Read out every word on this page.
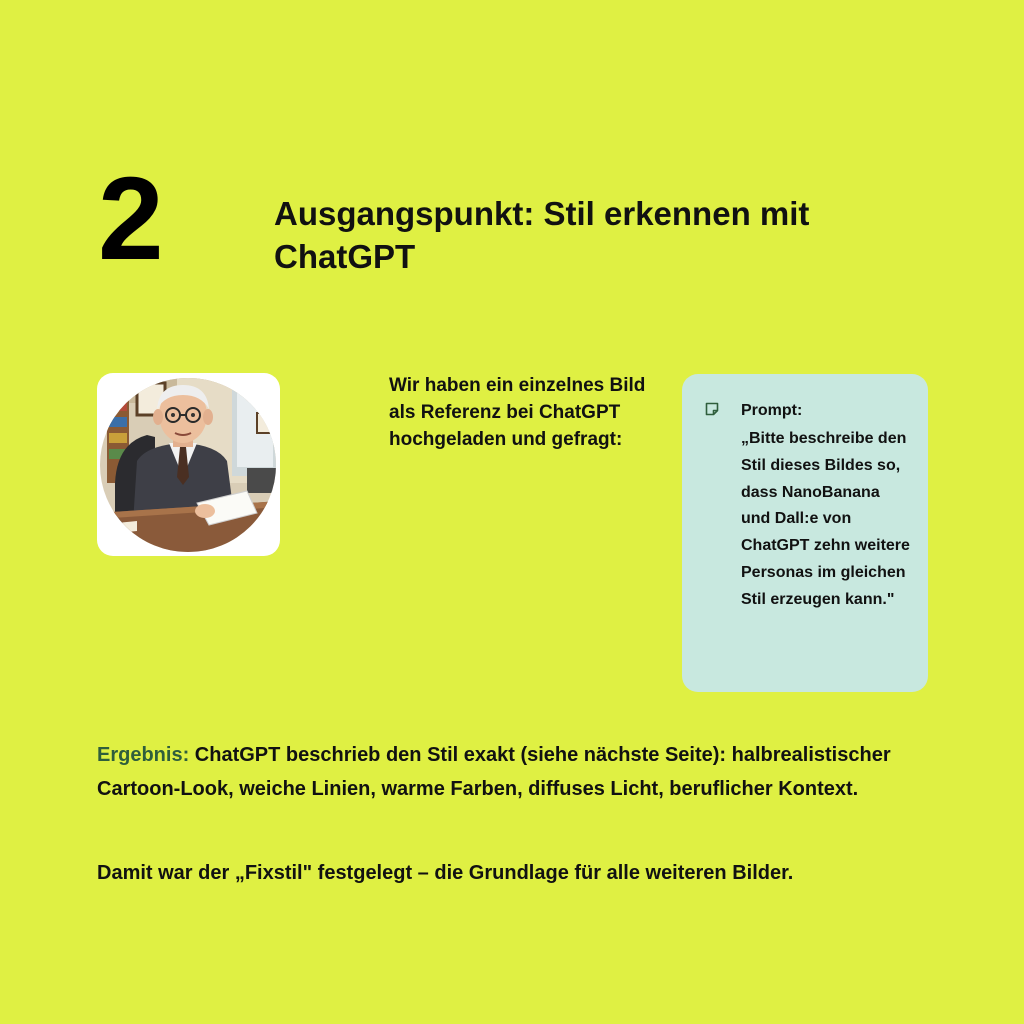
2	Ausgangspunkt: Stil erkennen mit ChatGPT
Wir haben ein einzelnes Bild als Referenz bei ChatGPT hochgeladen und gefragt:
Prompt:
„Bitte beschreibe den Stil dieses Bildes so, dass NanoBanana und Dall:e von ChatGPT zehn weitere Personas im gleichen Stil erzeugen kann."
Ergebnis: ChatGPT beschrieb den Stil exakt (siehe nächste Seite): halbrealistischer Cartoon-Look, weiche Linien, warme Farben, diffuses Licht, beruflicher Kontext.
Damit war der „Fixstil" festgelegt – die Grundlage für alle weiteren Bilder.
